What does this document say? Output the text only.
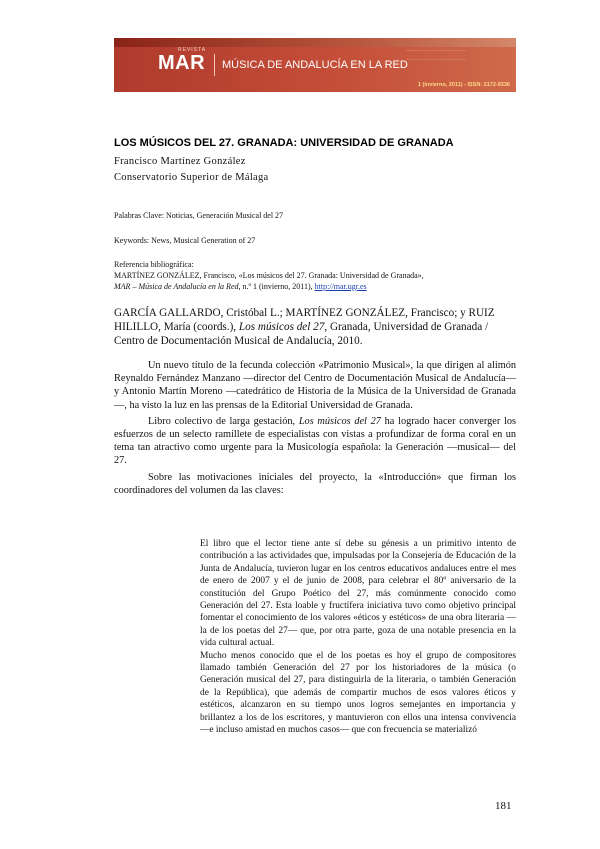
REVISTA
MAR MÚSICA DE ANDALUCÍA EN LA RED
1 (invierno, 2011) - ISSN: 2172-9336
LOS MÚSICOS DEL 27. GRANADA: UNIVERSIDAD DE GRANADA

Francisco Martínez González

Conservatorio Superior de Málaga

Palabras Clave: Noticias, Generación Musical del 27

Keywords: News, Musical Generation of 27

Referencia bibliográfica:

MARTÍNEZ GONZÁLEZ, Francisco, «Los músicos del 27. Granada: Universidad de Granada»,
MAR – Música de Andalucía en la Red, n.º 1 (invierno, 2011), http://mar.ugr.es

GARCÍA GALLARDO, Cristóbal L.; MARTÍNEZ GONZÁLEZ, Francisco; y RUIZ HILILLO, María (coords.), Los músicos del 27, Granada, Universidad de Granada / Centro de Documentación Musical de Andalucía, 2010.

Un nuevo título de la fecunda colección «Patrimonio Musical», la que dirigen al alimón Reynaldo Fernández Manzano —director del Centro de Documentación Musical de Andalucía— y Antonio Martín Moreno —catedrático de Historia de la Música de la Universidad de Granada—, ha visto la luz en las prensas de la Editorial Universidad de Granada.

Libro colectivo de larga gestación, Los músicos del 27 ha logrado hacer converger los esfuerzos de un selecto ramillete de especialistas con vistas a profundizar de forma coral en un tema tan atractivo como urgente para la Musicología española: la Generación —musical— del 27.

Sobre las motivaciones iniciales del proyecto, la «Introducción» que firman los coordinadores del volumen da las claves:

El libro que el lector tiene ante sí debe su génesis a un primitivo intento de contribución a las actividades que, impulsadas por la Consejería de Educación de la Junta de Andalucía, tuvieron lugar en los centros educativos andaluces entre el mes de enero de 2007 y el de junio de 2008, para celebrar el 80º aniversario de la constitución del Grupo Poético del 27, más comúnmente conocido como Generación del 27. Esta loable y fructífera iniciativa tuvo como objetivo principal fomentar el conocimiento de los valores «éticos y estéticos» de una obra literaria —la de los poetas del 27— que, por otra parte, goza de una notable presencia en la vida cultural actual.

Mucho menos conocido que el de los poetas es hoy el grupo de compositores llamado también Generación del 27 por los historiadores de la música (o Generación musical del 27, para distinguirla de la literaria, o también Generación de la República), que además de compartir muchos de esos valores éticos y estéticos, alcanzaron en su tiempo unos logros semejantes en importancia y brillantez a los de los escritores, y mantuvieron con ellos una intensa convivencia —e incluso amistad en muchos casos— que con frecuencia se materializó

181
